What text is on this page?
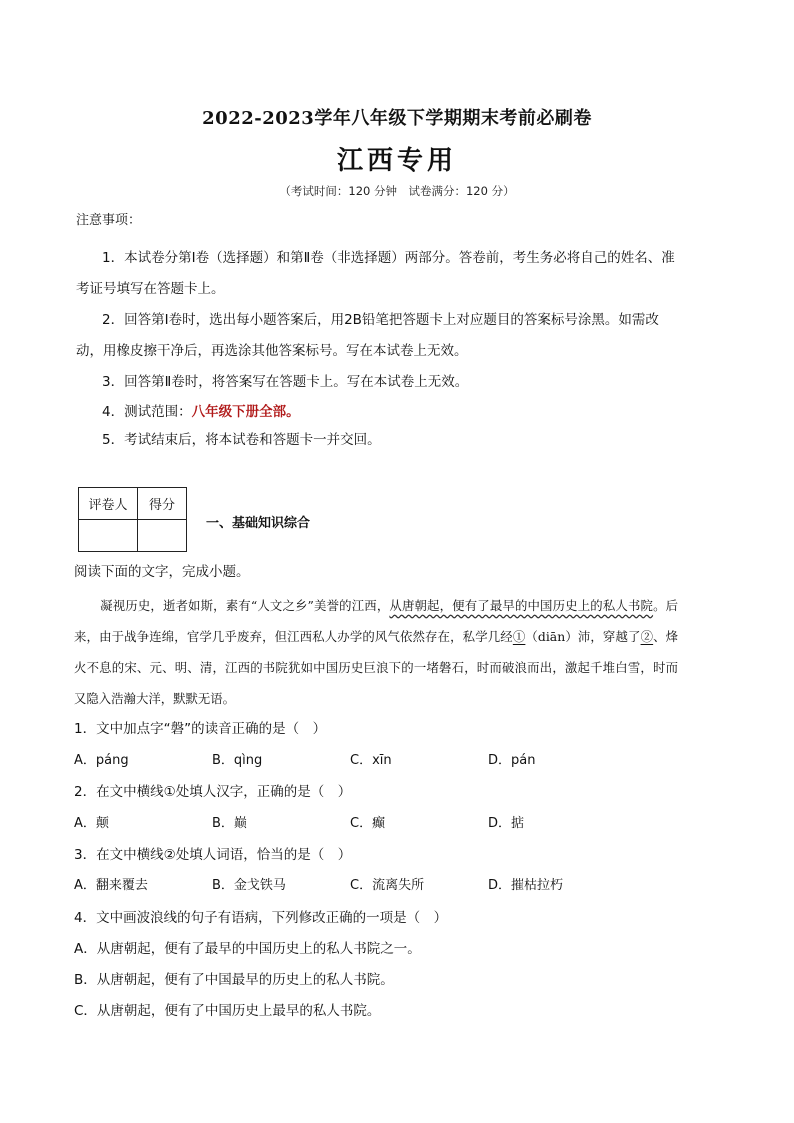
2022-2023学年八年级下学期期末考前必刷卷
江西专用
（考试时间：120 分钟　试卷满分：120 分）
注意事项：
1．本试卷分第Ⅰ卷（选择题）和第Ⅱ卷（非选择题）两部分。答卷前，考生务必将自己的姓名、准考证号填写在答题卡上。
2．回答第Ⅰ卷时，选出每小题答案后，用2B铅笔把答题卡上对应题目的答案标号涂黑。如需改动，用橡皮擦干净后，再选涂其他答案标号。写在本试卷上无效。
3．回答第Ⅱ卷时，将答案写在答题卡上。写在本试卷上无效。
4．测试范围：八年级下册全部。
5．考试结束后，将本试卷和答题卡一并交回。
评卷人	得分

一、基础知识综合
阅读下面的文字，完成小题。
凝视历史，逝者如斯，素有“人文之乡”美誉的江西，从唐朝起，便有了最早的中国历史上的私人书院。后来，由于战争连绵，官学几乎废弃，但江西私人办学的风气依然存在，私学几经①（diān）沛，穿越了②、烽火不息的宋、元、明、清，江西的书院犹如中国历史巨浪下的一堵磐石，时而破浪而出，激起千堆白雪，时而又隐入浩瀚大洋，默默无语。
1．文中加点字“磐”的读音正确的是（　）
A．páng	B．qìng	C．xīn	D．pán
2．在文中横线①处填人汉字，正确的是（　）
A．颠	B．巅	C．癫	D．掂
3．在文中横线②处填人词语，恰当的是（　）
A．翻来覆去	B．金戈铁马	C．流离失所	D．摧枯拉朽
4．文中画波浪线的句子有语病，下列修改正确的一项是（　）
A．从唐朝起，便有了最早的中国历史上的私人书院之一。
B．从唐朝起，便有了中国最早的历史上的私人书院。
C．从唐朝起，便有了中国历史上最早的私人书院。
